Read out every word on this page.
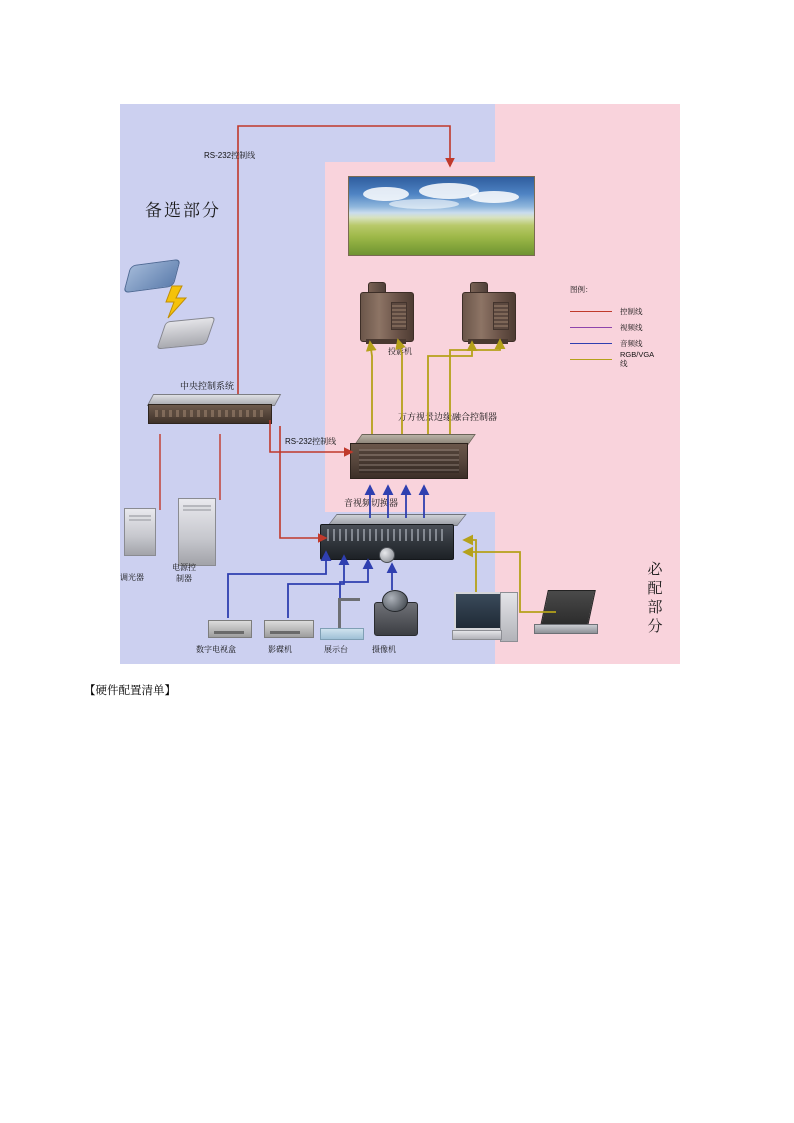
备选部分
必配部分
投影机
万方视景边缘融合控制器
中央控制系统
音视频切换器
调光器
电源控
制器
数字电视盒	影碟机	展示台	摄像机
RS-232控制线
RS-232控制线
图例：
控制线
视频线
音频线
RGB/VGA
线
【硬件配置清单】
